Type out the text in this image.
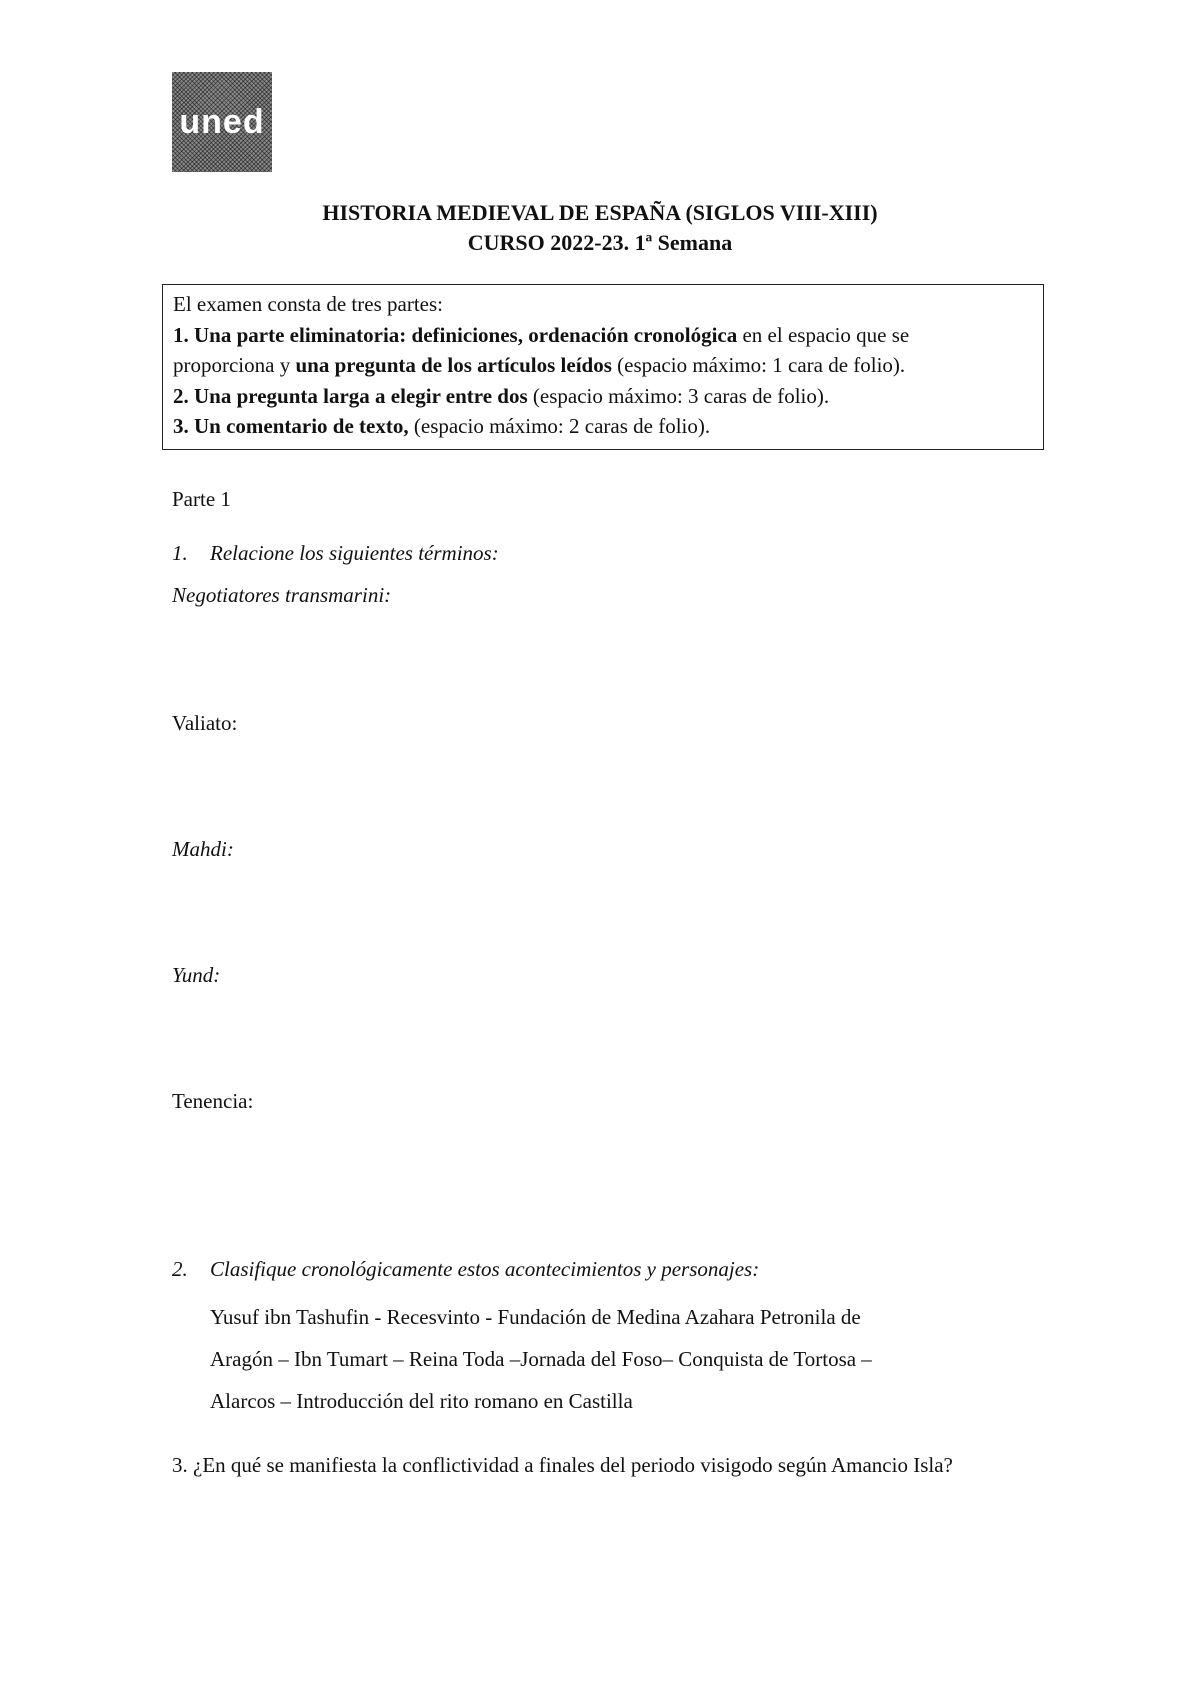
uned
HISTORIA MEDIEVAL DE ESPAÑA (SIGLOS VIII-XIII)
CURSO 2022-23. 1ª Semana

El examen consta de tres partes:

1. Una parte eliminatoria: definiciones, ordenación cronológica en el espacio que se

proporciona y una pregunta de los artículos leídos (espacio máximo: 1 cara de folio).

2. Una pregunta larga a elegir entre dos (espacio máximo: 3 caras de folio).

3. Un comentario de texto, (espacio máximo: 2 caras de folio).

Parte 1
1. Relacione los siguientes términos:
Negotiatores transmarini:
Valiato:
Mahdi:
Yund:
Tenencia:
2. Clasifique cronológicamente estos acontecimientos y personajes:
Yusuf ibn Tashufin - Recesvinto - Fundación de Medina Azahara Petronila de
Aragón – Ibn Tumart – Reina Toda –Jornada del Foso– Conquista de Tortosa –
Alarcos – Introducción del rito romano en Castilla
3. ¿En qué se manifiesta la conflictividad a finales del periodo visigodo según Amancio Isla?
